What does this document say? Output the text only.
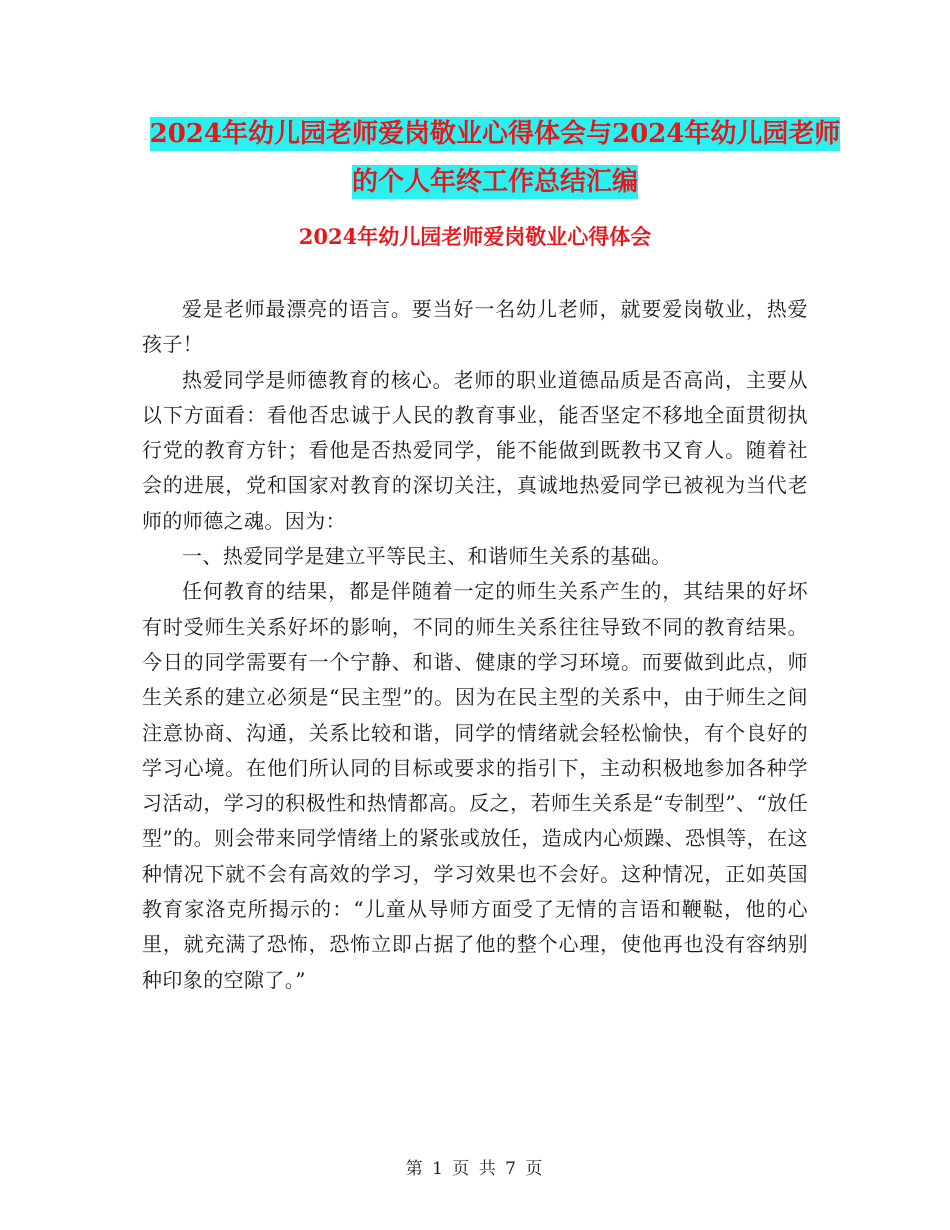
2024年幼儿园老师爱岗敬业心得体会与2024年幼儿园老师的个人年终工作总结汇编
2024年幼儿园老师爱岗敬业心得体会

爱是老师最漂亮的语言。要当好一名幼儿老师，就要爱岗敬业，热爱孩子！

热爱同学是师德教育的核心。老师的职业道德品质是否高尚，主要从以下方面看：看他否忠诚于人民的教育事业，能否坚定不移地全面贯彻执行党的教育方针；看他是否热爱同学，能不能做到既教书又育人。随着社会的进展，党和国家对教育的深切关注，真诚地热爱同学已被视为当代老师的师德之魂。因为：

一、热爱同学是建立平等民主、和谐师生关系的基础。

任何教育的结果，都是伴随着一定的师生关系产生的，其结果的好坏有时受师生关系好坏的影响，不同的师生关系往往导致不同的教育结果。今日的同学需要有一个宁静、和谐、健康的学习环境。而要做到此点，师生关系的建立必须是“民主型”的。因为在民主型的关系中，由于师生之间注意协商、沟通，关系比较和谐，同学的情绪就会轻松愉快，有个良好的学习心境。在他们所认同的目标或要求的指引下，主动积极地参加各种学习活动，学习的积极性和热情都高。反之，若师生关系是“专制型”、“放任型”的。则会带来同学情绪上的紧张或放任，造成内心烦躁、恐惧等，在这种情况下就不会有高效的学习，学习效果也不会好。这种情况，正如英国教育家洛克所揭示的：“儿童从导师方面受了无情的言语和鞭鞑，他的心里，就充满了恐怖，恐怖立即占据了他的整个心理，使他再也没有容纳别种印象的空隙了。”

第 1 页 共 7 页
